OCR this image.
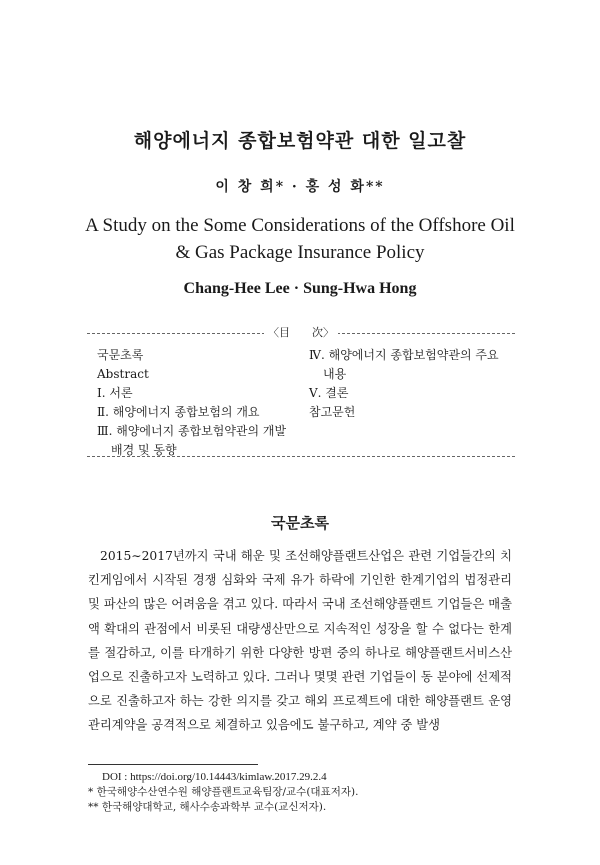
해양에너지 종합보험약관 대한 일고찰
이 창 희* · 홍 성 화**
A Study on the Some Considerations of the Offshore Oil
& Gas Package Insurance Policy
Chang-Hee Lee · Sung-Hwa Hong
〈目　　次〉
국문초록
Abstract
Ⅰ. 서론
Ⅱ. 해양에너지 종합보험의 개요
Ⅲ. 해양에너지 종합보험약관의 개발
배경 및 동향
Ⅳ. 해양에너지 종합보험약관의 주요
내용
Ⅴ. 결론
참고문헌
국문초록

2015∼2017년까지 국내 해운 및 조선해양플랜트산업은 관련 기업들간의 치킨게임에서 시작된 경쟁 심화와 국제 유가 하락에 기인한 한계기업의 법정관리 및 파산의 많은 어려움을 겪고 있다. 따라서 국내 조선해양플랜트 기업들은 매출액 확대의 관점에서 비롯된 대량생산만으로 지속적인 성장을 할 수 없다는 한계를 절감하고, 이를 타개하기 위한 다양한 방편 중의 하나로 해양플랜트서비스산업으로 진출하고자 노력하고 있다. 그러나 몇몇 관련 기업들이 동 분야에 선제적으로 진출하고자 하는 강한 의지를 갖고 해외 프로젝트에 대한 해양플랜트 운영관리계약을 공격적으로 체결하고 있음에도 불구하고, 계약 중 발생

DOI : https://doi.org/10.14443/kimlaw.2017.29.2.4
* 한국해양수산연수원 해양플랜트교육팀장/교수(대표저자).
** 한국해양대학교, 해사수송과학부 교수(교신저자).
